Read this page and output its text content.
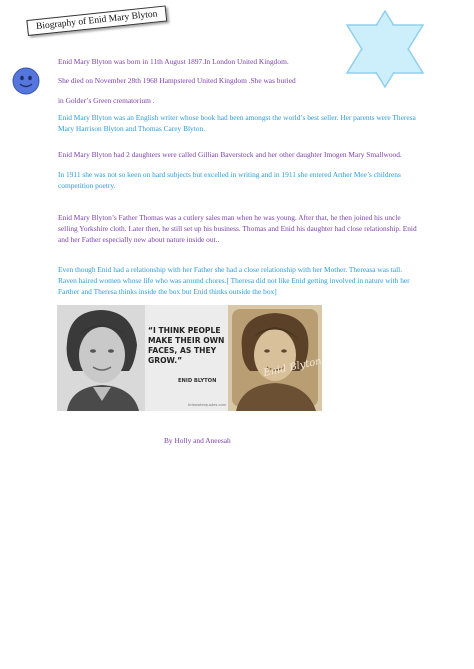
Biography of Enid Mary Blyton

Enid Mary Blyton was born in 11th August 1897.In London United Kingdom.

She died on November 28th 1968 Hampstered United Kingdom .She was buried

in Golder’s Green crematorium .

Enid Mary Blyton was an English writer whose book had been amongst the world’s best seller. Her parents were Theresa Mary Harrison Blyton and Thomas Carey Blyton.

Enid Mary Blyton had 2 daughters were called Gillian Baverstock and her other daughter Imogen Mary Smallwood.

In 1911 she was not so keen on hard subjects but excelled in writing and in 1911 she entered Arther Mee’s childrens competition poetry.

Enid Mary Blyton’s Father Thomas was a cutlery sales man when he was young. After that, he then joined his uncle selling Yorkshire cloth. Later then, he still set up his business. Thomas and Enid his daughter had close relationship. Enid and her Father especially new about nature inside out..

Even though Enid had a relationship with her Father she had a close relationship with her Mother. Thereasa was tall. Raven haired women whose life who was around chores.[ Theresa did not like Enid getting involved in nature with her Farther and Theresa thinks inside the box but Enid thinks outside the box]

“I THINK PEOPLE MAKE THEIR OWN FACES, AS THEY GROW.”

ENID BLYTON
tidewaterquotes.com
Enid Blyton
By Holly and Aneesah
